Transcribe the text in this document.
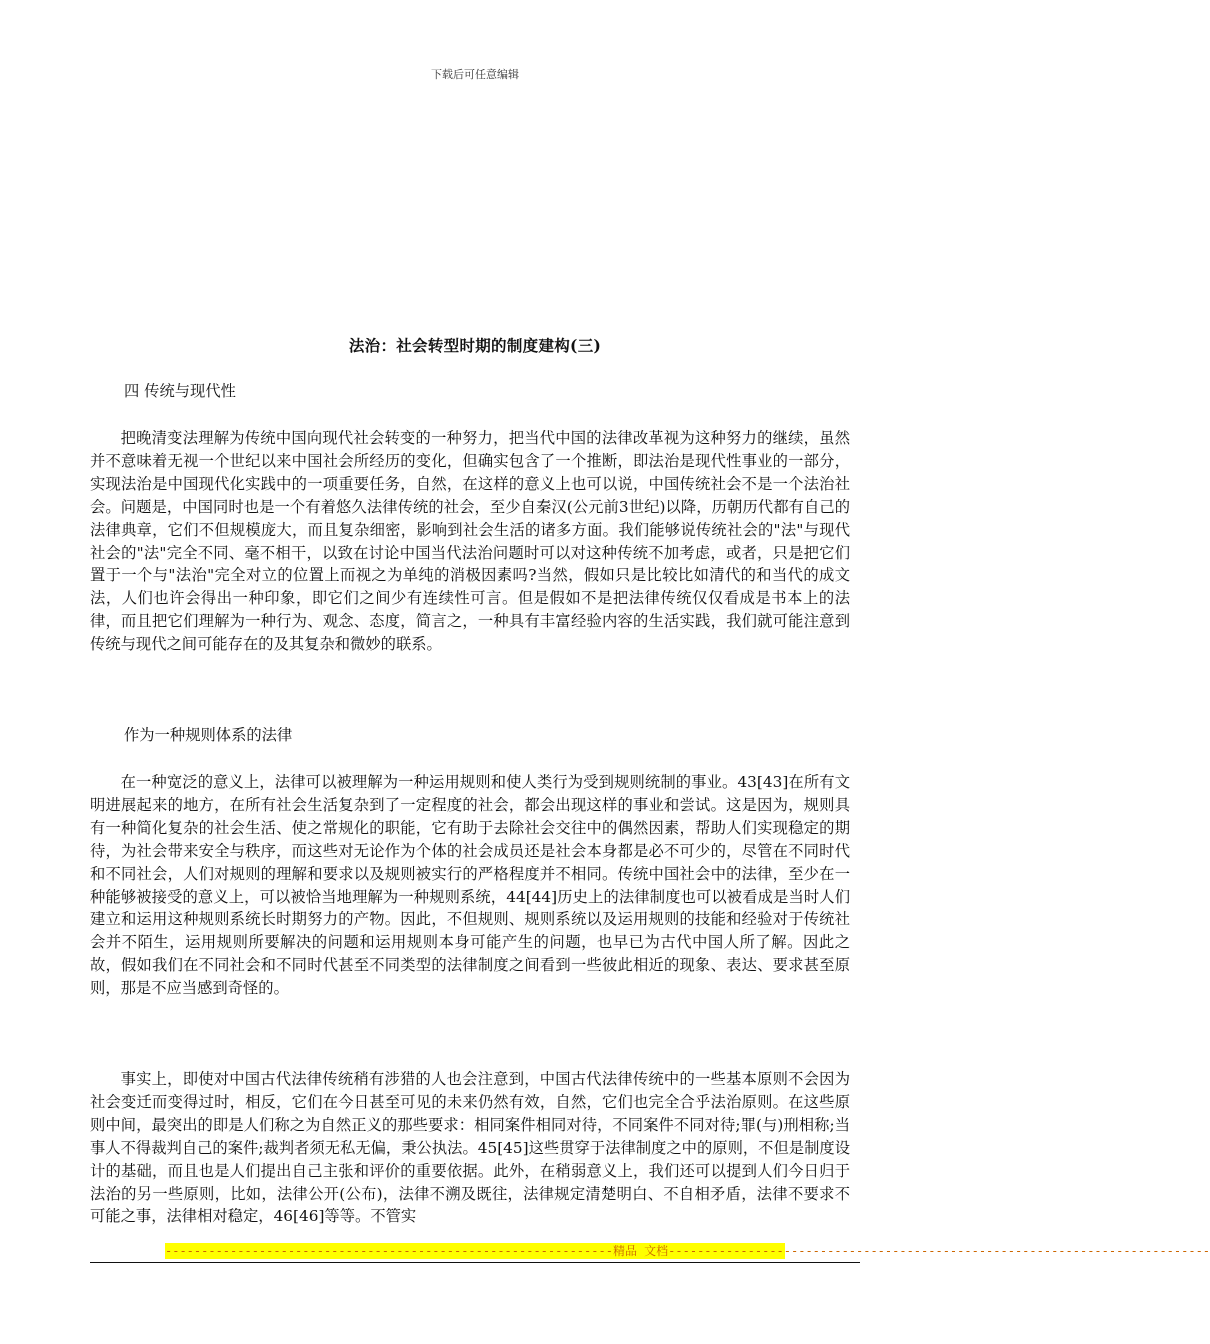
下载后可任意编辑
法治：社会转型时期的制度建构(三)
四 传统与现代性

把晚清变法理解为传统中国向现代社会转变的一种努力，把当代中国的法律改革视为这种努力的继续，虽然并不意味着无视一个世纪以来中国社会所经历的变化，但确实包含了一个推断，即法治是现代性事业的一部分，实现法治是中国现代化实践中的一项重要任务，自然，在这样的意义上也可以说，中国传统社会不是一个法治社会。问题是，中国同时也是一个有着悠久法律传统的社会，至少自秦汉(公元前3世纪)以降，历朝历代都有自己的法律典章，它们不但规模庞大，而且复杂细密，影响到社会生活的诸多方面。我们能够说传统社会的"法"与现代社会的"法"完全不同、毫不相干，以致在讨论中国当代法治问题时可以对这种传统不加考虑，或者，只是把它们置于一个与"法治"完全对立的位置上而视之为单纯的消极因素吗?当然，假如只是比较比如清代的和当代的成文法，人们也许会得出一种印象，即它们之间少有连续性可言。但是假如不是把法律传统仅仅看成是书本上的法律，而且把它们理解为一种行为、观念、态度，简言之，一种具有丰富经验内容的生活实践，我们就可能注意到传统与现代之间可能存在的及其复杂和微妙的联系。

作为一种规则体系的法律

在一种宽泛的意义上，法律可以被理解为一种运用规则和使人类行为受到规则统制的事业。43[43]在所有文明进展起来的地方，在所有社会生活复杂到了一定程度的社会，都会出现这样的事业和尝试。这是因为，规则具有一种简化复杂的社会生活、使之常规化的职能，它有助于去除社会交往中的偶然因素，帮助人们实现稳定的期待，为社会带来安全与秩序，而这些对无论作为个体的社会成员还是社会本身都是必不可少的，尽管在不同时代和不同社会，人们对规则的理解和要求以及规则被实行的严格程度并不相同。传统中国社会中的法律，至少在一种能够被接受的意义上，可以被恰当地理解为一种规则系统，44[44]历史上的法律制度也可以被看成是当时人们建立和运用这种规则系统长时期努力的产物。因此，不但规则、规则系统以及运用规则的技能和经验对于传统社会并不陌生，运用规则所要解决的问题和运用规则本身可能产生的问题，也早已为古代中国人所了解。因此之故，假如我们在不同社会和不同时代甚至不同类型的法律制度之间看到一些彼此相近的现象、表达、要求甚至原则，那是不应当感到奇怪的。

事实上，即使对中国古代法律传统稍有涉猎的人也会注意到，中国古代法律传统中的一些基本原则不会因为社会变迁而变得过时，相反，它们在今日甚至可见的未来仍然有效，自然，它们也完全合乎法治原则。在这些原则中间，最突出的即是人们称之为自然正义的那些要求：相同案件相同对待，不同案件不同对待;罪(与)刑相称;当事人不得裁判自己的案件;裁判者须无私无偏，秉公执法。45[45]这些贯穿于法律制度之中的原则，不但是制度设计的基础，而且也是人们提出自己主张和评价的重要依据。此外，在稍弱意义上，我们还可以提到人们今日归于法治的另一些原则，比如，法律公开(公布)，法律不溯及既往，法律规定清楚明白、不自相矛盾，法律不要求不可能之事，法律相对稳定，46[46]等等。不管实

--------------------------------------------------------------精品 文档---------------------------------------------------------------------------
